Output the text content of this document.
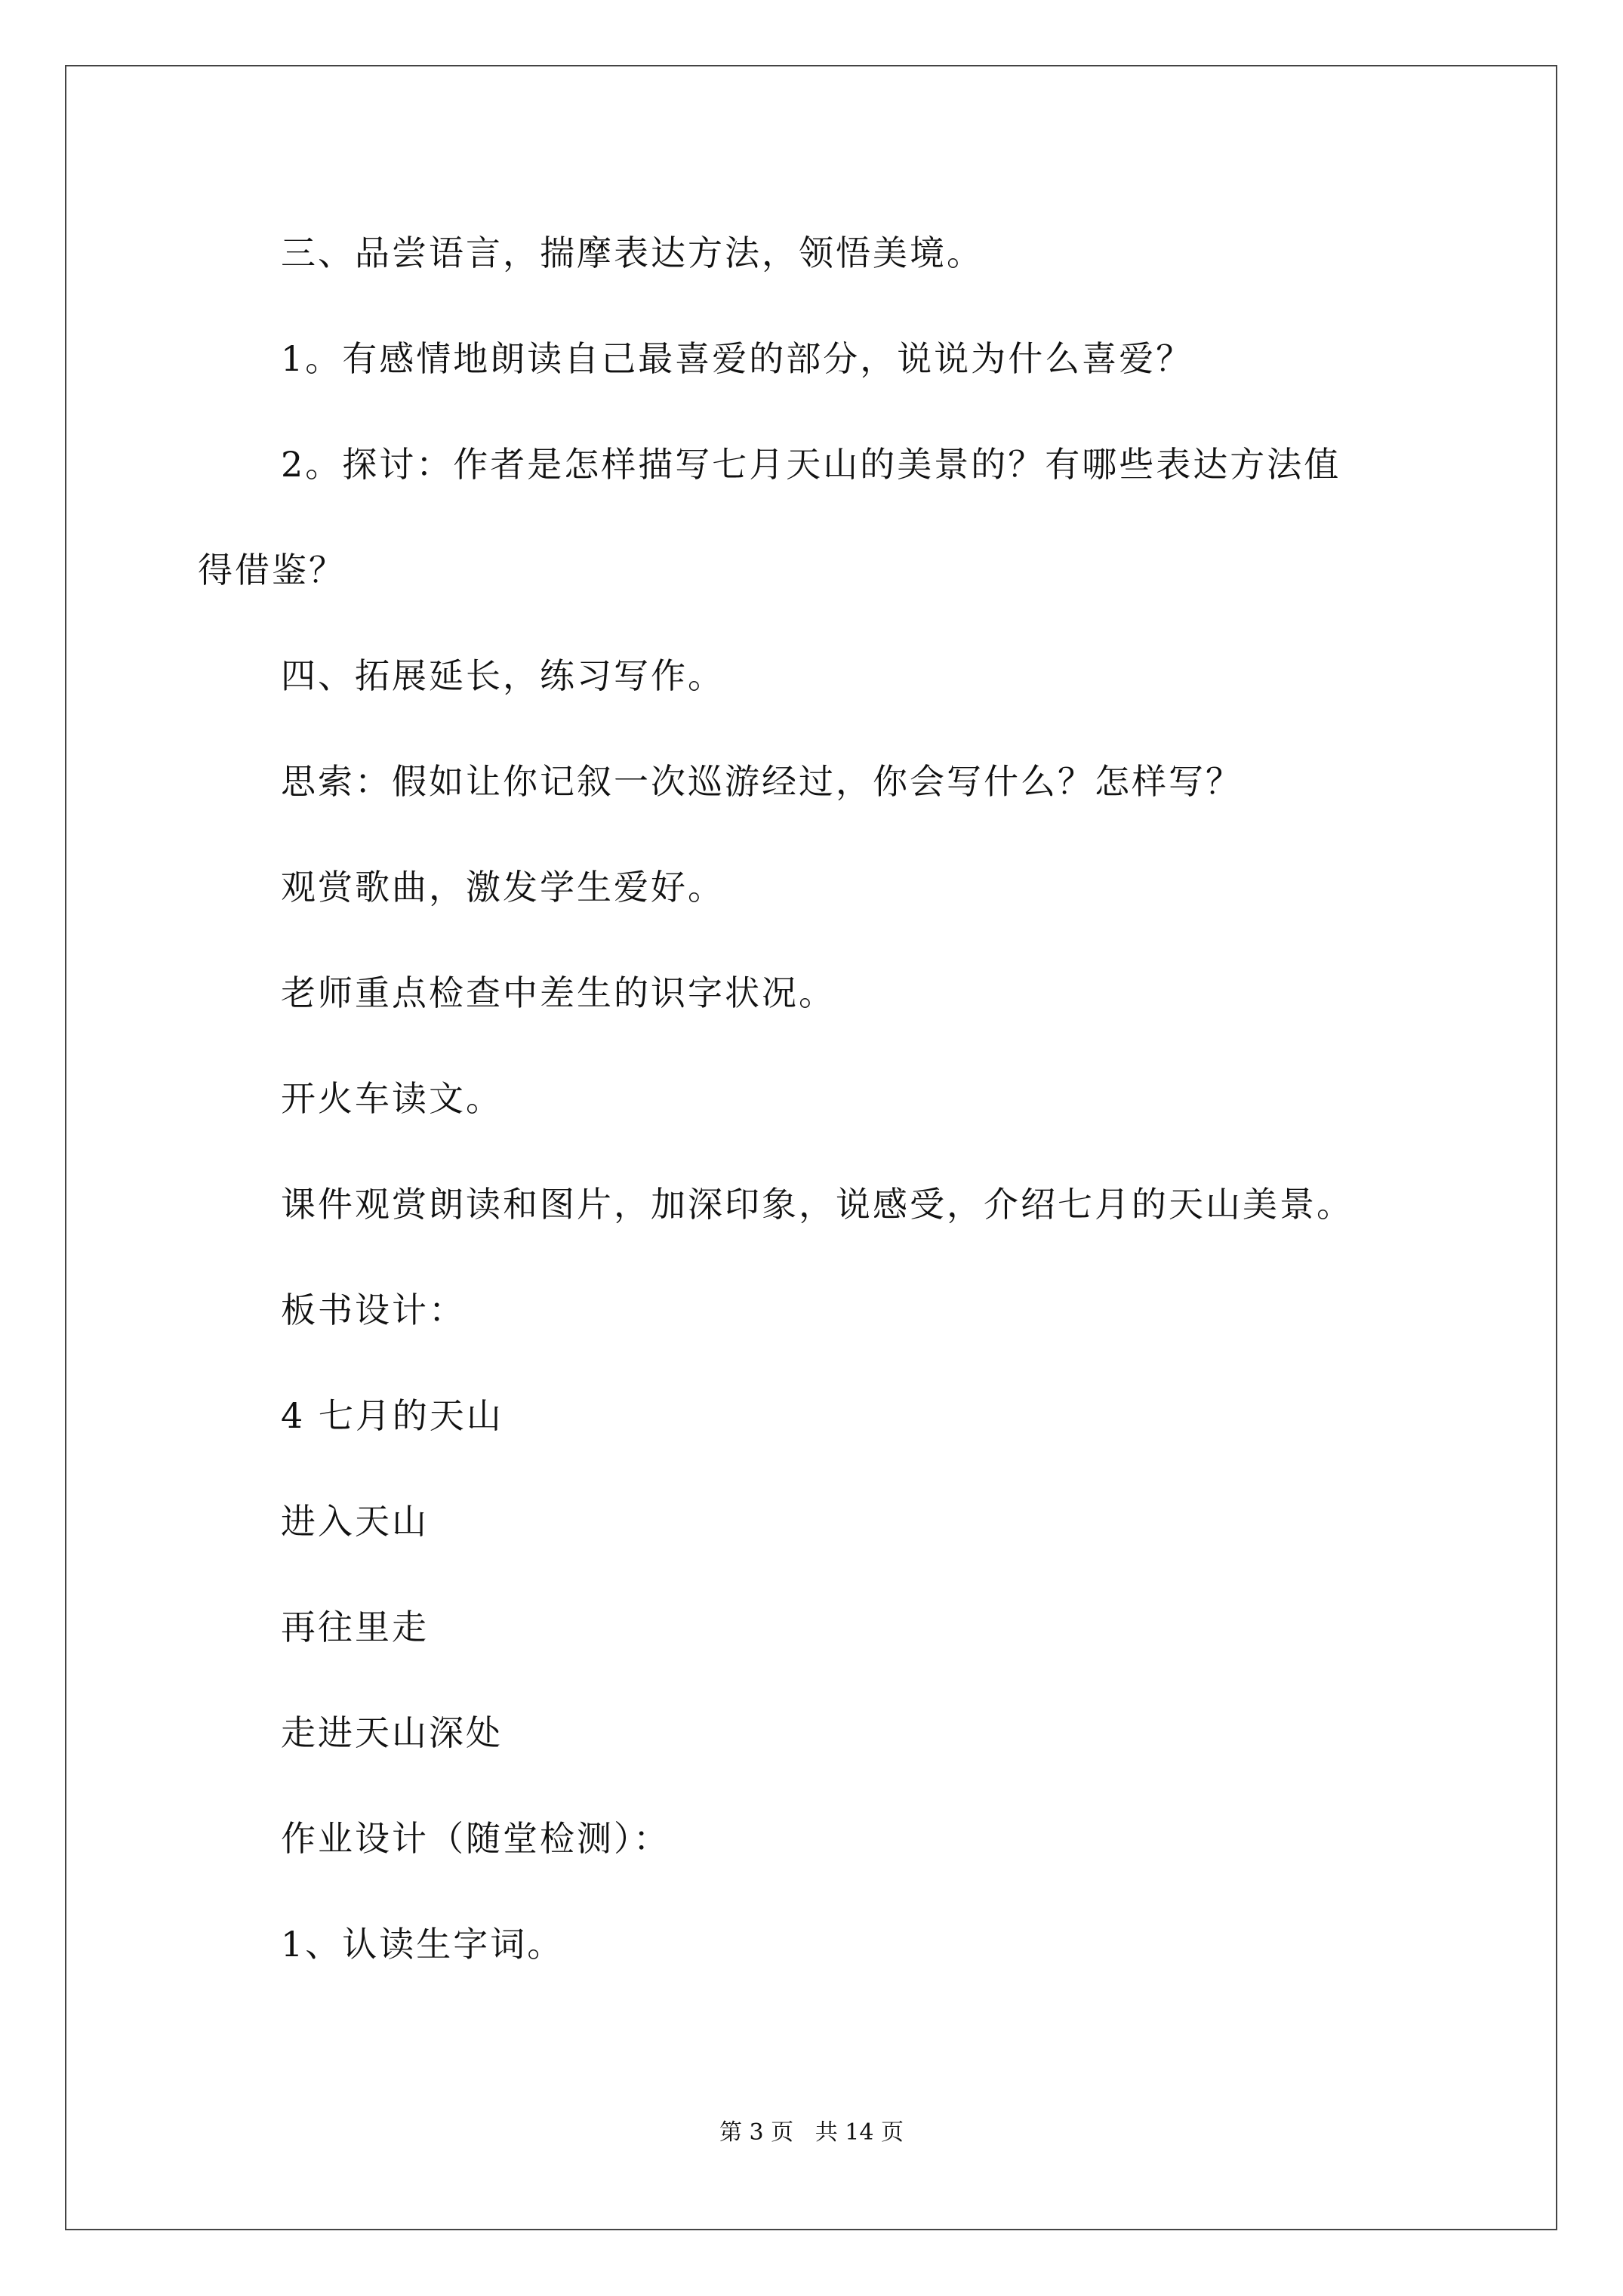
三、品尝语言，揣摩表达方法，领悟美境。
1。有感情地朗读自己最喜爱的部分，说说为什么喜爱？
2。探讨：作者是怎样描写七月天山的美景的？有哪些表达方法值
得借鉴？
四、拓展延长，练习写作。
思索：假如让你记叙一次巡游经过，你会写什么？怎样写？
观赏歌曲，激发学生爱好。
老师重点检查中差生的识字状况。
开火车读文。
课件观赏朗读和图片，加深印象，说感受，介绍七月的天山美景。
板书设计：
4 七月的天山
进入天山
再往里走
走进天山深处
作业设计（随堂检测）：
1、认读生字词。
第 3 页   共 14 页
